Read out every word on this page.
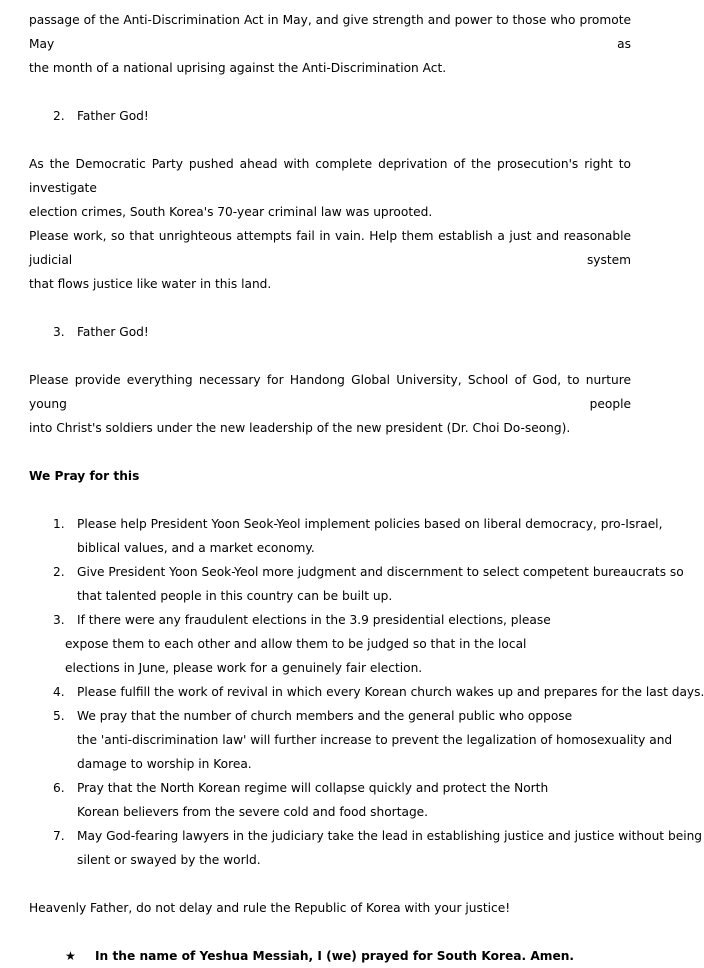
passage of the Anti-Discrimination Act in May, and give strength and power to those who promote May as
the month of a national uprising against the Anti-Discrimination Act.

2. Father God!

As the Democratic Party pushed ahead with complete deprivation of the prosecution's right to investigate
election crimes, South Korea's 70-year criminal law was uprooted.
Please work, so that unrighteous attempts fail in vain. Help them establish a just and reasonable judicial system
that flows justice like water in this land.

3. Father God!

Please provide everything necessary for Handong Global University, School of God, to nurture young people
into Christ's soldiers under the new leadership of the new president (Dr. Choi Do-seong).

We Pray for this
1. Please help President Yoon Seok-Yeol implement policies based on liberal democracy, pro-Israel,
biblical values, and a market economy.
2. Give President Yoon Seok-Yeol more judgment and discernment to select competent bureaucrats so
that talented people in this country can be built up.
3. If there were any fraudulent elections in the 3.9 presidential elections, please
expose them to each other and allow them to be judged so that in the local
elections in June, please work for a genuinely fair election.
4. Please fulfill the work of revival in which every Korean church wakes up and prepares for the last days.
5. We pray that the number of church members and the general public who oppose
the 'anti-discrimination law' will further increase to prevent the legalization of homosexuality and
damage to worship in Korea.
6. Pray that the North Korean regime will collapse quickly and protect the North
Korean believers from the severe cold and food shortage.
7. May God-fearing lawyers in the judiciary take the lead in establishing justice and justice without being
silent or swayed by the world.

Heavenly Father, do not delay and rule the Republic of Korea with your justice!

★ In the name of Yeshua Messiah, I (we) prayed for South Korea. Amen.
